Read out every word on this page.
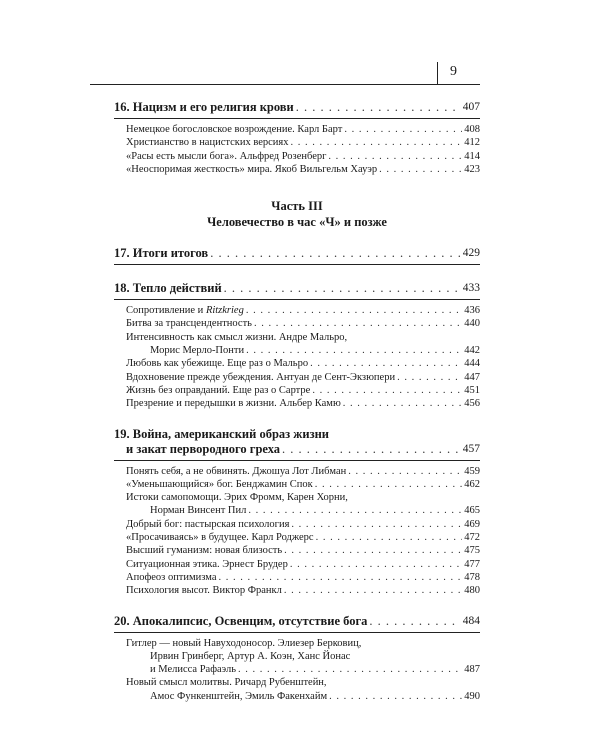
9
16. Нацизм и его религия крови . . .	407
Немецкое богословское возрождение. Карл Барт . . .	408
Христианство в нацистских версиях . . .	412
«Расы есть мысли бога». Альфред Розенберг . . .	414
«Неоспоримая жесткость» мира. Якоб Вильгельм Хауэр . . .	423
Часть III
Человечество в час «Ч» и позже
17. Итоги итогов . . .	429
18. Тепло действий . . .	433
Сопротивление и Ritzkrieg . . .	436
Битва за трансцендентность . . .	440
Интенсивность как смысл жизни. Андре Мальро,
Морис Мерло-Понти . . .	442
Любовь как убежище. Еще раз о Мальро . . .	444
Вдохновение прежде убеждения. Антуан де Сент-Экзюпери . . .	447
Жизнь без оправданий. Еще раз о Сартре . . .	451
Презрение и передышки в жизни. Альбер Камю . . .	456
19. Война, американский образ жизни
и закат первородного греха . . .	457
Понять себя, а не обвинять. Джошуа Лот Либман . . .	459
«Уменьшающийся» бог. Бенджамин Спок . . .	462
Истоки самопомощи. Эрих Фромм, Карен Хорни,
Норман Винсент Пил . . .	465
Добрый бог: пастырская психология . . .	469
«Просачиваясь» в будущее. Карл Роджерс . . .	472
Высший гуманизм: новая близость . . .	475
Ситуационная этика. Эрнест Брудер . . .	477
Апофеоз оптимизма . . .	478
Психология высот. Виктор Франкл . . .	480
20. Апокалипсис, Освенцим, отсутствие бога . . .	484
Гитлер — новый Навуходоносор. Элиезер Берковиц,
Ирвин Гринберг, Артур А. Коэн, Ханс Йонас
и Мелисса Рафаэль . . .	487
Новый смысл молитвы. Ричард Рубенштейн,
Амос Функенштейн, Эмиль Факенхайм . . .	490
